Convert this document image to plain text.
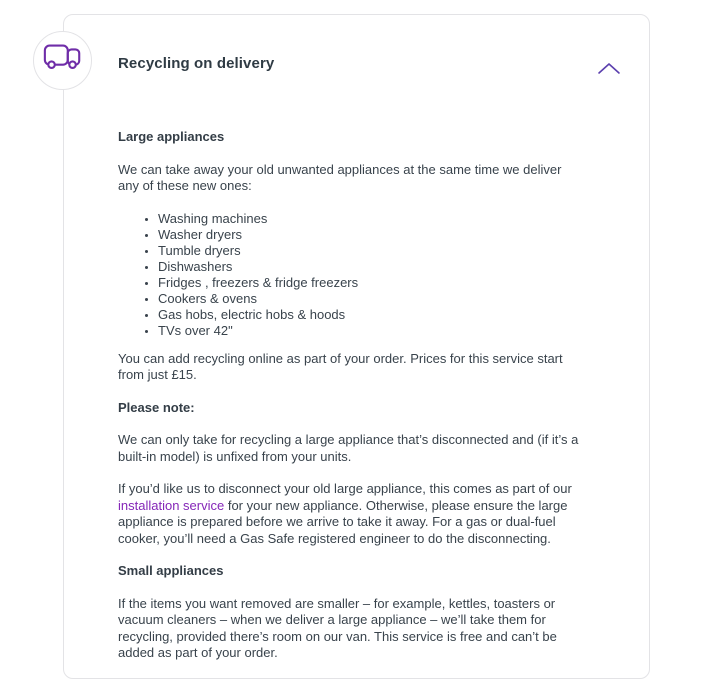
Recycling on delivery
Large appliances

We can take away your old unwanted appliances at the same time we deliver any of these new ones:

• Washing machines
• Washer dryers
• Tumble dryers
• Dishwashers
• Fridges , freezers & fridge freezers
• Cookers & ovens
• Gas hobs, electric hobs & hoods
• TVs over 42"

You can add recycling online as part of your order. Prices for this service start from just £15.

Please note:

We can only take for recycling a large appliance that’s disconnected and (if it’s a built-in model) is unfixed from your units.

If you’d like us to disconnect your old large appliance, this comes as part of our installation service for your new appliance. Otherwise, please ensure the large appliance is prepared before we arrive to take it away. For a gas or dual-fuel cooker, you’ll need a Gas Safe registered engineer to do the disconnecting.

Small appliances

If the items you want removed are smaller – for example, kettles, toasters or vacuum cleaners – when we deliver a large appliance – we’ll take them for recycling, provided there’s room on our van. This service is free and can’t be added as part of your order.
